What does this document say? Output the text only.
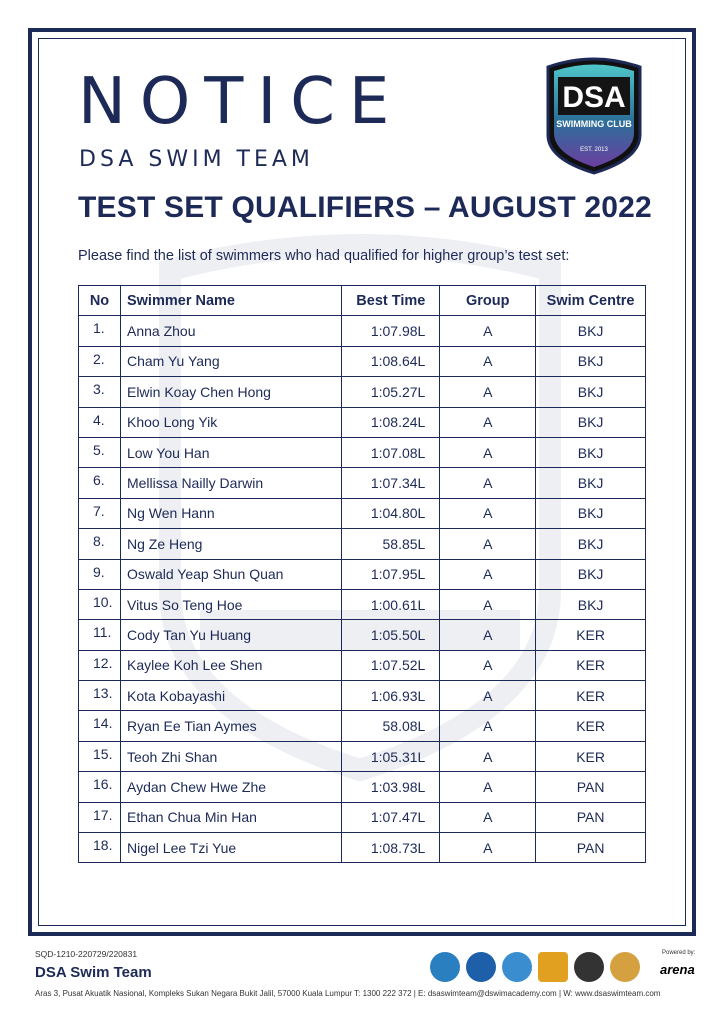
NOTICE
DSA SWIM TEAM
DSA
SWIMMING CLUB
EST. 2013
TEST SET QUALIFIERS – AUGUST 2022
Please find the list of swimmers who had qualified for higher group’s test set:
No	Swimmer Name	Best Time	Group	Swim Centre
1.	Anna Zhou	1:07.98L	A	BKJ
2.	Cham Yu Yang	1:08.64L	A	BKJ
3.	Elwin Koay Chen Hong	1:05.27L	A	BKJ
4.	Khoo Long Yik	1:08.24L	A	BKJ
5.	Low You Han	1:07.08L	A	BKJ
6.	Mellissa Nailly Darwin	1:07.34L	A	BKJ
7.	Ng Wen Hann	1:04.80L	A	BKJ
8.	Ng Ze Heng	58.85L	A	BKJ
9.	Oswald Yeap Shun Quan	1:07.95L	A	BKJ
10.	Vitus So Teng Hoe	1:00.61L	A	BKJ
11.	Cody Tan Yu Huang	1:05.50L	A	KER
12.	Kaylee Koh Lee Shen	1:07.52L	A	KER
13.	Kota Kobayashi	1:06.93L	A	KER
14.	Ryan Ee Tian Aymes	58.08L	A	KER
15.	Teoh Zhi Shan	1:05.31L	A	KER
16.	Aydan Chew Hwe Zhe	1:03.98L	A	PAN
17.	Ethan Chua Min Han	1:07.47L	A	PAN
18.	Nigel Lee Tzi Yue	1:08.73L	A	PAN
SQD-1210-220729/220831
DSA Swim Team
Aras 3, Pusat Akuatik Nasional, Kompleks Sukan Negara Bukit Jalil, 57000 Kuala Lumpur T: 1300 222 372 | E: dsaswimteam@dswimacademy.com | W: www.dsaswimteam.com
Powered by:
arena
